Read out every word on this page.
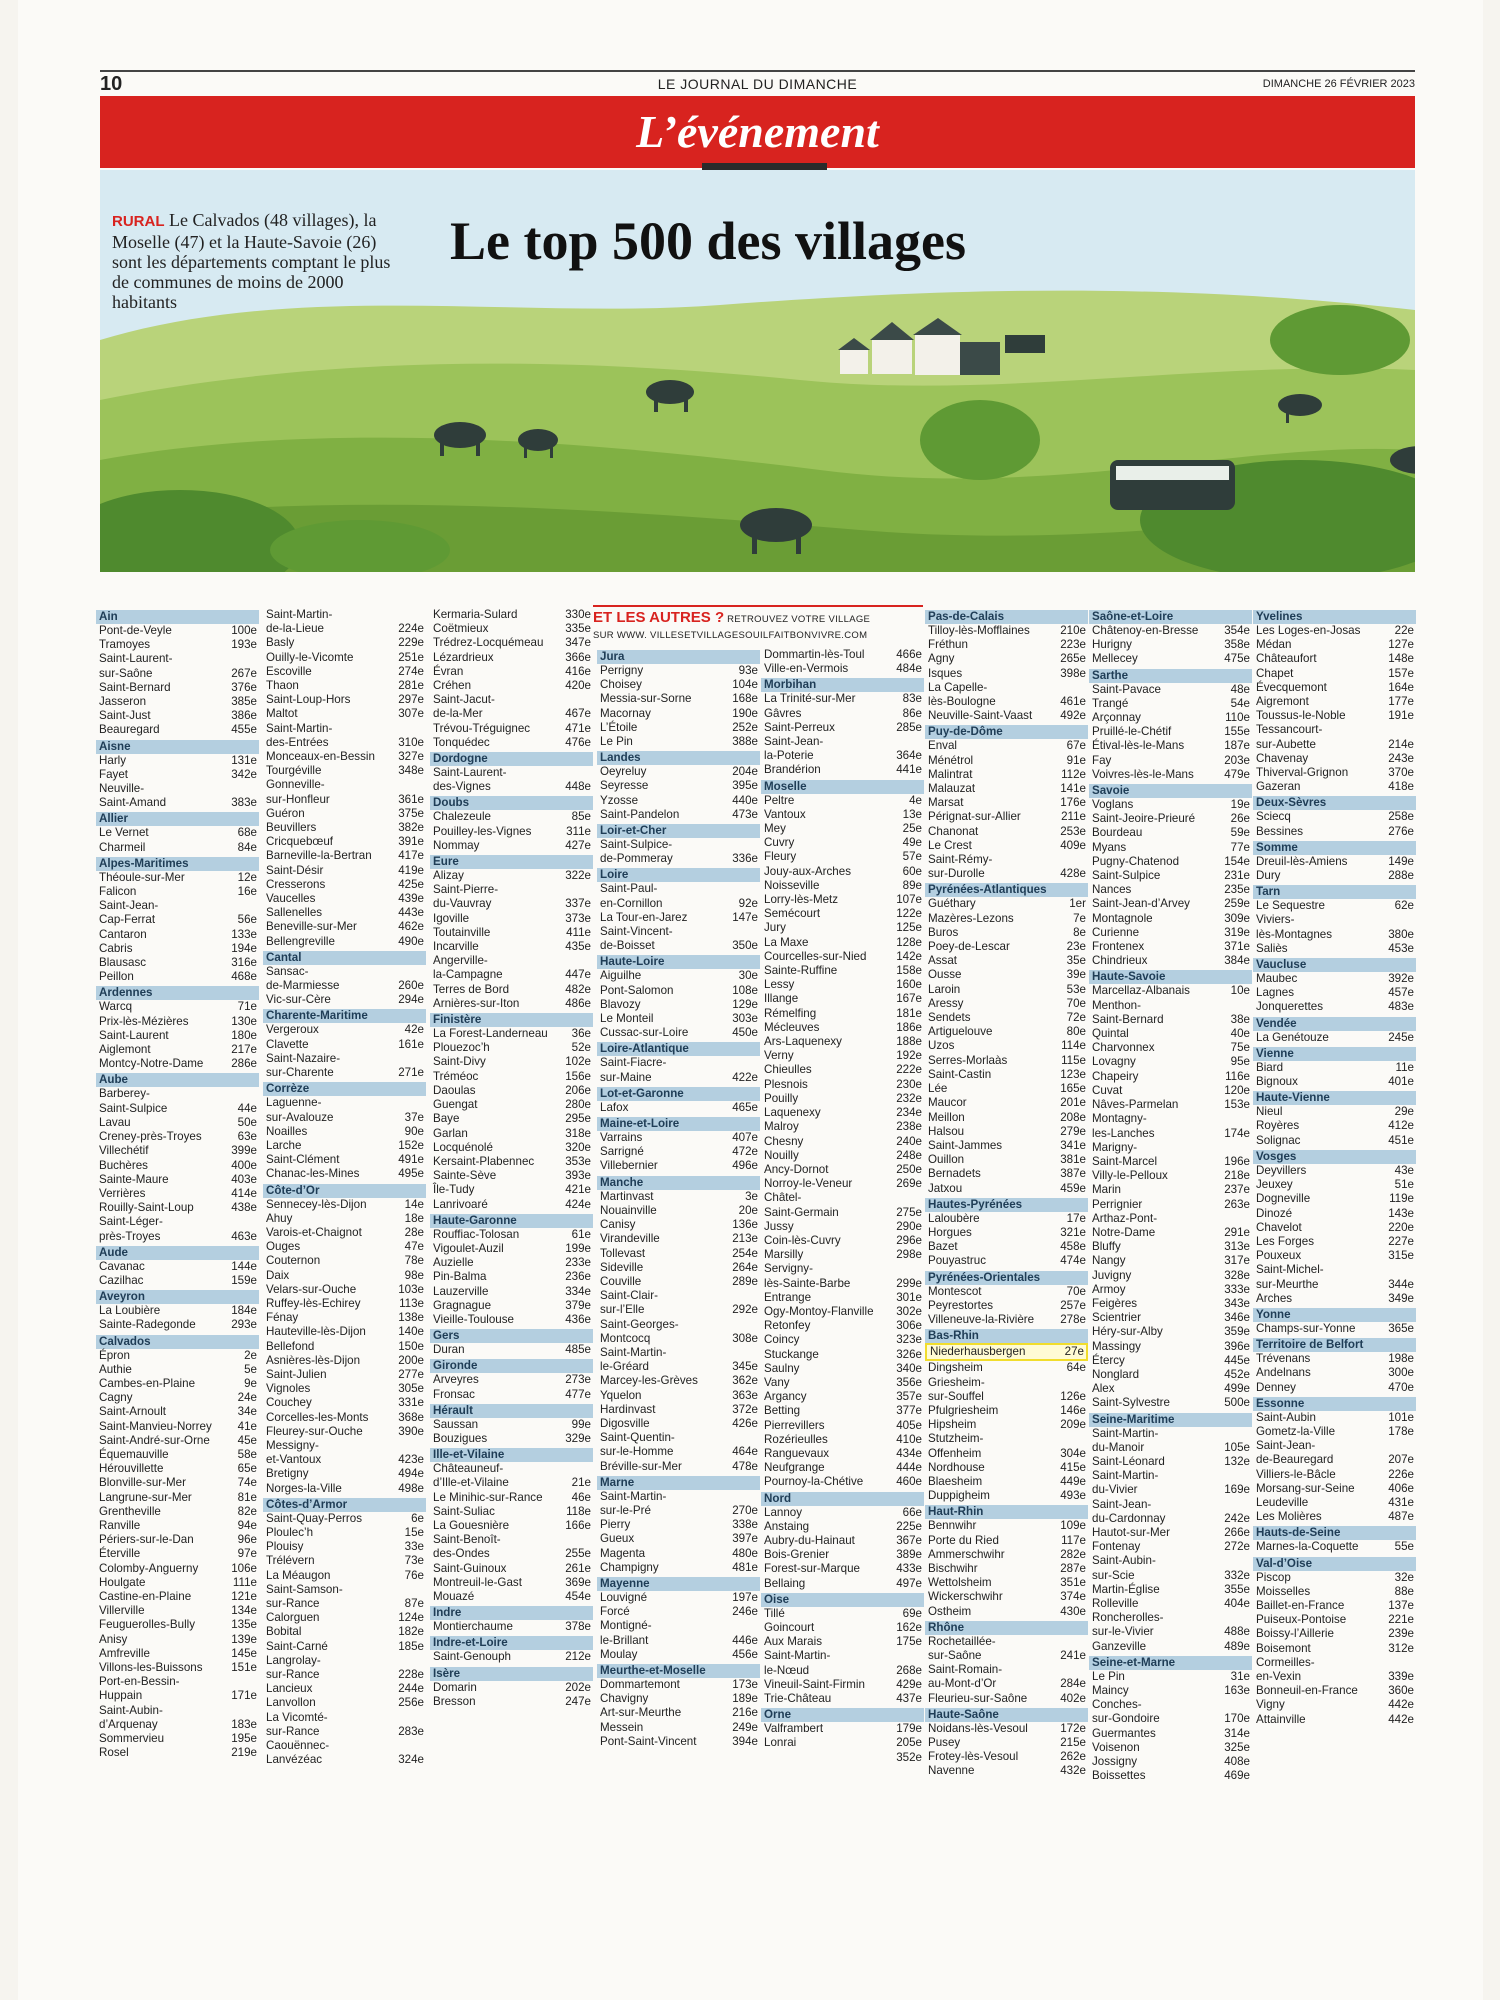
10	LE JOURNAL DU DIMANCHE	DIMANCHE 26 FÉVRIER 2023
L’événement
Le top 500 des villages
RURAL Le Calvados (48 villages), la Moselle (47) et la Haute-Savoie (26) sont les départements comptant le plus de communes de moins de 2000 habitants
Ain
Pont-de-Veyle	100e
Tramoyes	193e
Saint-Laurent-
sur-Saône	267e
Saint-Bernard	376e
Jasseron	385e
Saint-Just	386e
Beauregard	455e
Aisne
Harly	131e
Fayet	342e
Neuville-
Saint-Amand	383e
Allier
Le Vernet	68e
Charmeil	84e
Alpes-Maritimes
Théoule-sur-Mer	12e
Falicon	16e
Saint-Jean-
Cap-Ferrat	56e
Cantaron	133e
Cabris	194e
Blausasc	316e
Peillon	468e
Ardennes
Warcq	71e
Prix-lès-Mézières	130e
Saint-Laurent	180e
Aiglemont	217e
Montcy-Notre-Dame 286e
Aube
Barberey-
Saint-Sulpice	44e
Lavau	50e
Creney-près-Troyes	63e
Villechétif	399e
Buchères	400e
Sainte-Maure	403e
Verrières	414e
Rouilly-Saint-Loup	438e
Saint-Léger-
près-Troyes	463e
Aude
Cavanac	144e
Cazilhac	159e
Aveyron
La Loubière	184e
Sainte-Radegonde	293e
Calvados
Épron	2e
Authie	5e
Cambes-en-Plaine	9e
Cagny	24e
Saint-Arnoult	34e
Saint-Manvieu-Norrey 41e
Saint-André-sur-Orne 45e
Équemauville	58e
Hérouvillette	65e
Blonville-sur-Mer	74e
Langrune-sur-Mer	81e
Grentheville	82e
Ranville	94e
Périers-sur-le-Dan	96e
Éterville	97e
Colomby-Anguerny	106e
Houlgate	111e
Castine-en-Plaine	121e
Villerville	134e
Feuguerolles-Bully	135e
Anisy	139e
Amfreville	145e
Villons-les-Buissons 151e
Port-en-Bessin-
Huppain	171e
Saint-Aubin-
d’Arquenay	183e
Sommervieu	195e
Rosel	219e
Saint-Martin-
de-la-Lieue	224e
Basly	229e
Ouilly-le-Vicomte	251e
Escoville	274e
Thaon	281e
Saint-Loup-Hors	297e
Maltot	307e
Saint-Martin-
des-Entrées	310e
Monceaux-en-Bessin 327e
Tourgéville	348e
Gonneville-
sur-Honfleur	361e
Guéron	375e
Beuvillers	382e
Cricquebœuf	391e
Barneville-la-Bertran 417e
Saint-Désir	419e
Cresserons	425e
Vaucelles	439e
Sallenelles	443e
Beneville-sur-Mer	462e
Bellengreville	490e
Cantal
Sansac-
de-Marmiesse	260e
Vic-sur-Cère	294e
Charente-Maritime
Vergeroux	42e
Clavette	161e
Saint-Nazaire-
sur-Charente	271e
Corrèze
Laguenne-
sur-Avalouze	37e
Noailles	90e
Larche	152e
Saint-Clément	491e
Chanac-les-Mines	495e
Côte-d’Or
Sennecey-lès-Dijon	14e
Ahuy	18e
Varois-et-Chaignot	28e
Ouges	47e
Couternon	78e
Daix	98e
Velars-sur-Ouche	103e
Ruffey-lès-Echirey	113e
Fénay	138e
Hauteville-lès-Dijon	140e
Bellefond	150e
Asnières-lès-Dijon	200e
Saint-Julien	277e
Vignoles	305e
Couchey	331e
Corcelles-les-Monts	368e
Fleurey-sur-Ouche	390e
Messigny-
et-Vantoux	423e
Bretigny	494e
Norges-la-Ville	498e
Côtes-d’Armor
Saint-Quay-Perros	6e
Ploulec’h	15e
Plouisy	33e
Trélévern	73e
La Méaugon	76e
Saint-Samson-
sur-Rance	87e
Calorguen	124e
Bobital	182e
Saint-Carné	185e
Langrolay-
sur-Rance	228e
Lancieux	244e
Lanvollon	256e
La Vicomté-
sur-Rance	283e
Caouënnec-
Lanvézéac	324e
Kermaria-Sulard	330e
Coëtmieux	335e
Trédrez-Locquémeau 347e
Lézardrieux	366e
Évran	416e
Créhen	420e
Saint-Jacut-
de-la-Mer	467e
Trévou-Tréguignec	471e
Tonquédec	476e
Dordogne
Saint-Laurent-
des-Vignes	448e
Doubs
Chalezeule	85e
Pouilley-les-Vignes	311e
Nommay	427e
Eure
Alizay	322e
Saint-Pierre-
du-Vauvray	337e
Igoville	373e
Toutainville	411e
Incarville	435e
Angerville-
la-Campagne	447e
Terres de Bord	482e
Arnières-sur-Iton	486e
Finistère
La Forest-Landerneau 36e
Plouezoc’h	52e
Saint-Divy	102e
Tréméoc	156e
Daoulas	206e
Guengat	280e
Baye	295e
Garlan	318e
Locquénolé	320e
Kersaint-Plabennec	353e
Sainte-Sève	393e
Île-Tudy	421e
Lanrivoaré	424e
Haute-Garonne
Rouffiac-Tolosan	61e
Vigoulet-Auzil	199e
Auzielle	233e
Pin-Balma	236e
Lauzerville	334e
Gragnague	379e
Vieille-Toulouse	436e
Gers
Duran	485e
Gironde
Arveyres	273e
Fronsac	477e
Hérault
Saussan	99e
Bouzigues	329e
Ille-et-Vilaine
Châteauneuf-
d’Ille-et-Vilaine	21e
Le Minihic-sur-Rance	46e
Saint-Suliac	118e
La Gouesnière	166e
Saint-Benoît-
des-Ondes	255e
Saint-Guinoux	261e
Montreuil-le-Gast	369e
Mouazé	454e
Indre
Montierchaume	378e
Indre-et-Loire
Saint-Genouph	212e
Isère
Domarin	202e
Bresson	247e
Jura
Perrigny	93e
Choisey	104e
Messia-sur-Sorne	168e
Macornay	190e
L’Étoile	252e
Le Pin	388e
Landes
Oeyreluy	204e
Seyresse	395e
Yzosse	440e
Saint-Pandelon	473e
Loir-et-Cher
Saint-Sulpice-
de-Pommeray	336e
Loire
Saint-Paul-
en-Cornillon	92e
La Tour-en-Jarez	147e
Saint-Vincent-
de-Boisset	350e
Haute-Loire
Aiguilhe	30e
Pont-Salomon	108e
Blavozy	129e
Le Monteil	303e
Cussac-sur-Loire	450e
Loire-Atlantique
Saint-Fiacre-
sur-Maine	422e
Lot-et-Garonne
Lafox	465e
Maine-et-Loire
Varrains	407e
Sarrigné	472e
Villebernier	496e
Manche
Martinvast	3e
Nouainville	20e
Canisy	136e
Virandeville	213e
Tollevast	254e
Sideville	264e
Couville	289e
Saint-Clair-
sur-l’Elle	292e
Saint-Georges-
Montcocq	308e
Saint-Martin-
le-Gréard	345e
Marcey-les-Grèves	362e
Yquelon	363e
Hardinvast	372e
Digosville	426e
Saint-Quentin-
sur-le-Homme	464e
Bréville-sur-Mer	478e
Marne
Saint-Martin-
sur-le-Pré	270e
Pierry	338e
Gueux	397e
Magenta	480e
Champigny	481e
Mayenne
Louvigné	197e
Forcé	246e
Montigné-
le-Brillant	446e
Moulay	456e
Meurthe-et-Moselle
Dommartemont	173e
Chavigny	189e
Art-sur-Meurthe	216e
Messein	249e
Pont-Saint-Vincent	394e
Dommartin-lès-Toul	466e
Ville-en-Vermois	484e
Morbihan
La Trinité-sur-Mer	83e
Gâvres	86e
Saint-Perreux	285e
Saint-Jean-
la-Poterie	364e
Brandérion	441e
Moselle
Peltre	4e
Vantoux	13e
Mey	25e
Cuvry	49e
Fleury	57e
Jouy-aux-Arches	60e
Noisseville	89e
Lorry-lès-Metz	107e
Semécourt	122e
Jury	125e
La Maxe	128e
Courcelles-sur-Nied	142e
Sainte-Ruffine	158e
Lessy	160e
Illange	167e
Rémelfing	181e
Mécleuves	186e
Ars-Laquenexy	188e
Verny	192e
Chieulles	222e
Plesnois	230e
Pouilly	232e
Laquenexy	234e
Malroy	238e
Chesny	240e
Nouilly	248e
Ancy-Dornot	250e
Norroy-le-Veneur	269e
Châtel-
Saint-Germain	275e
Jussy	290e
Coin-lès-Cuvry	296e
Marsilly	298e
Servigny-
lès-Sainte-Barbe	299e
Entrange	301e
Ogy-Montoy-Flanville 302e
Retonfey	306e
Coincy	323e
Stuckange	326e
Saulny	340e
Vany	356e
Argancy	357e
Betting	377e
Pierrevillers	405e
Rozérieulles	410e
Ranguevaux	434e
Neufgrange	444e
Pournoy-la-Chétive	460e
Nord
Lannoy	66e
Anstaing	225e
Aubry-du-Hainaut	367e
Bois-Grenier	389e
Forest-sur-Marque	433e
Bellaing	497e
Oise
Tillé	69e
Goincourt	162e
Aux Marais	175e
Saint-Martin-
le-Nœud	268e
Vineuil-Saint-Firmin	429e
Trie-Château	437e
Orne
Valframbert	179e
Lonrai	205e
352e
Pas-de-Calais
Tilloy-lès-Mofflaines	210e
Fréthun	223e
Agny	265e
Isques	398e
La Capelle-
lès-Boulogne	461e
Neuville-Saint-Vaast 492e
Puy-de-Dôme
Enval	67e
Ménétrol	91e
Malintrat	112e
Malauzat	141e
Marsat	176e
Pérignat-sur-Allier	211e
Chanonat	253e
Le Crest	409e
Saint-Rémy-
sur-Durolle	428e
Pyrénées-Atlantiques
Guéthary	1er
Mazères-Lezons	7e
Buros	8e
Poey-de-Lescar	23e
Assat	35e
Ousse	39e
Laroin	53e
Aressy	70e
Sendets	72e
Artiguelouve	80e
Uzos	114e
Serres-Morlaàs	115e
Saint-Castin	123e
Lée	165e
Maucor	201e
Meillon	208e
Halsou	279e
Saint-Jammes	341e
Ouillon	381e
Bernadets	387e
Jatxou	459e
Hautes-Pyrénées
Laloubère	17e
Horgues	321e
Bazet	458e
Pouyastruc	474e
Pyrénées-Orientales
Montescot	70e
Peyrestortes	257e
Villeneuve-la-Rivière 278e
Bas-Rhin
Niederhausbergen	27e
Dingsheim	64e
Griesheim-
sur-Souffel	126e
Pfulgriesheim	146e
Hipsheim	209e
Stutzheim-
Offenheim	304e
Nordhouse	415e
Blaesheim	449e
Duppigheim	493e
Haut-Rhin
Bennwihr	109e
Porte du Ried	117e
Ammerschwihr	282e
Bischwihr	287e
Wettolsheim	351e
Wickerschwihr	374e
Ostheim	430e
Rhône
Rochetaillée-
sur-Saône	241e
Saint-Romain-
au-Mont-d’Or	284e
Fleurieu-sur-Saône	402e
Haute-Saône
Noidans-lès-Vesoul	172e
Pusey	215e
Frotey-lès-Vesoul	262e
Navenne	432e
Saône-et-Loire
Châtenoy-en-Bresse 354e
Hurigny	358e
Mellecey	475e
Sarthe
Saint-Pavace	48e
Trangé	54e
Arçonnay	110e
Pruillé-le-Chétif	155e
Étival-lès-le-Mans	187e
Fay	203e
Voivres-lès-le-Mans	479e
Savoie
Voglans	19e
Saint-Jeoire-Prieuré	26e
Bourdeau	59e
Myans	77e
Pugny-Chatenod	154e
Saint-Sulpice	231e
Nances	235e
Saint-Jean-d’Arvey	259e
Montagnole	309e
Curienne	319e
Frontenex	371e
Chindrieux	384e
Haute-Savoie
Marcellaz-Albanais	10e
Menthon-
Saint-Bernard	38e
Quintal	40e
Charvonnex	75e
Lovagny	95e
Chapeiry	116e
Cuvat	120e
Nâves-Parmelan	153e
Montagny-
les-Lanches	174e
Marigny-
Saint-Marcel	196e
Villy-le-Pelloux	218e
Marin	237e
Perrignier	263e
Arthaz-Pont-
Notre-Dame	291e
Bluffy	313e
Nangy	317e
Juvigny	328e
Armoy	333e
Feigères	343e
Scientrier	346e
Héry-sur-Alby	359e
Massingy	396e
Étercy	445e
Nonglard	452e
Alex	499e
Saint-Sylvestre	500e
Seine-Maritime
Saint-Martin-
du-Manoir	105e
Saint-Léonard	132e
Saint-Martin-
du-Vivier	169e
Saint-Jean-
du-Cardonnay	242e
Hautot-sur-Mer	266e
Fontenay	272e
Saint-Aubin-
sur-Scie	332e
Martin-Église	355e
Rolleville	404e
Roncherolles-
sur-le-Vivier	488e
Ganzeville	489e
Seine-et-Marne
Le Pin	31e
Maincy	163e
Conches-
sur-Gondoire	170e
Guermantes	314e
Voisenon	325e
Jossigny	408e
Boissettes	469e
Yvelines
Les Loges-en-Josas	22e
Médan	127e
Châteaufort	148e
Chapet	157e
Évecquemont	164e
Aigremont	177e
Toussus-le-Noble	191e
Tessancourt-
sur-Aubette	214e
Chavenay	243e
Thiverval-Grignon	370e
Gazeran	418e
Deux-Sèvres
Sciecq	258e
Bessines	276e
Somme
Dreuil-lès-Amiens	149e
Dury	288e
Tarn
Le Sequestre	62e
Viviers-
lès-Montagnes	380e
Saliès	453e
Vaucluse
Maubec	392e
Lagnes	457e
Jonquerettes	483e
Vendée
La Genétouze	245e
Vienne
Biard	11e
Bignoux	401e
Haute-Vienne
Nieul	29e
Royères	412e
Solignac	451e
Vosges
Deyvillers	43e
Jeuxey	51e
Dogneville	119e
Dinozé	143e
Chavelot	220e
Les Forges	227e
Pouxeux	315e
Saint-Michel-
sur-Meurthe	344e
Arches	349e
Yonne
Champs-sur-Yonne	365e
Territoire de Belfort
Trévenans	198e
Andelnans	300e
Denney	470e
Essonne
Saint-Aubin	101e
Gometz-la-Ville	178e
Saint-Jean-
de-Beauregard	207e
Villiers-le-Bâcle	226e
Morsang-sur-Seine	406e
Leudeville	431e
Les Molières	487e
Hauts-de-Seine
Marnes-la-Coquette	55e
Val-d’Oise
Piscop	32e
Moisselles	88e
Baillet-en-France	137e
Puiseux-Pontoise	221e
Boissy-l’Aillerie	239e
Boisemont	312e
Cormeilles-
en-Vexin	339e
Bonneuil-en-France	360e
Vigny	442e
Attainville	442e
ET LES AUTRES ? RETROUVEZ VOTRE VILLAGE
SUR WWW. VILLESETVILLAGESOUILFAITBONVIVRE.COM
